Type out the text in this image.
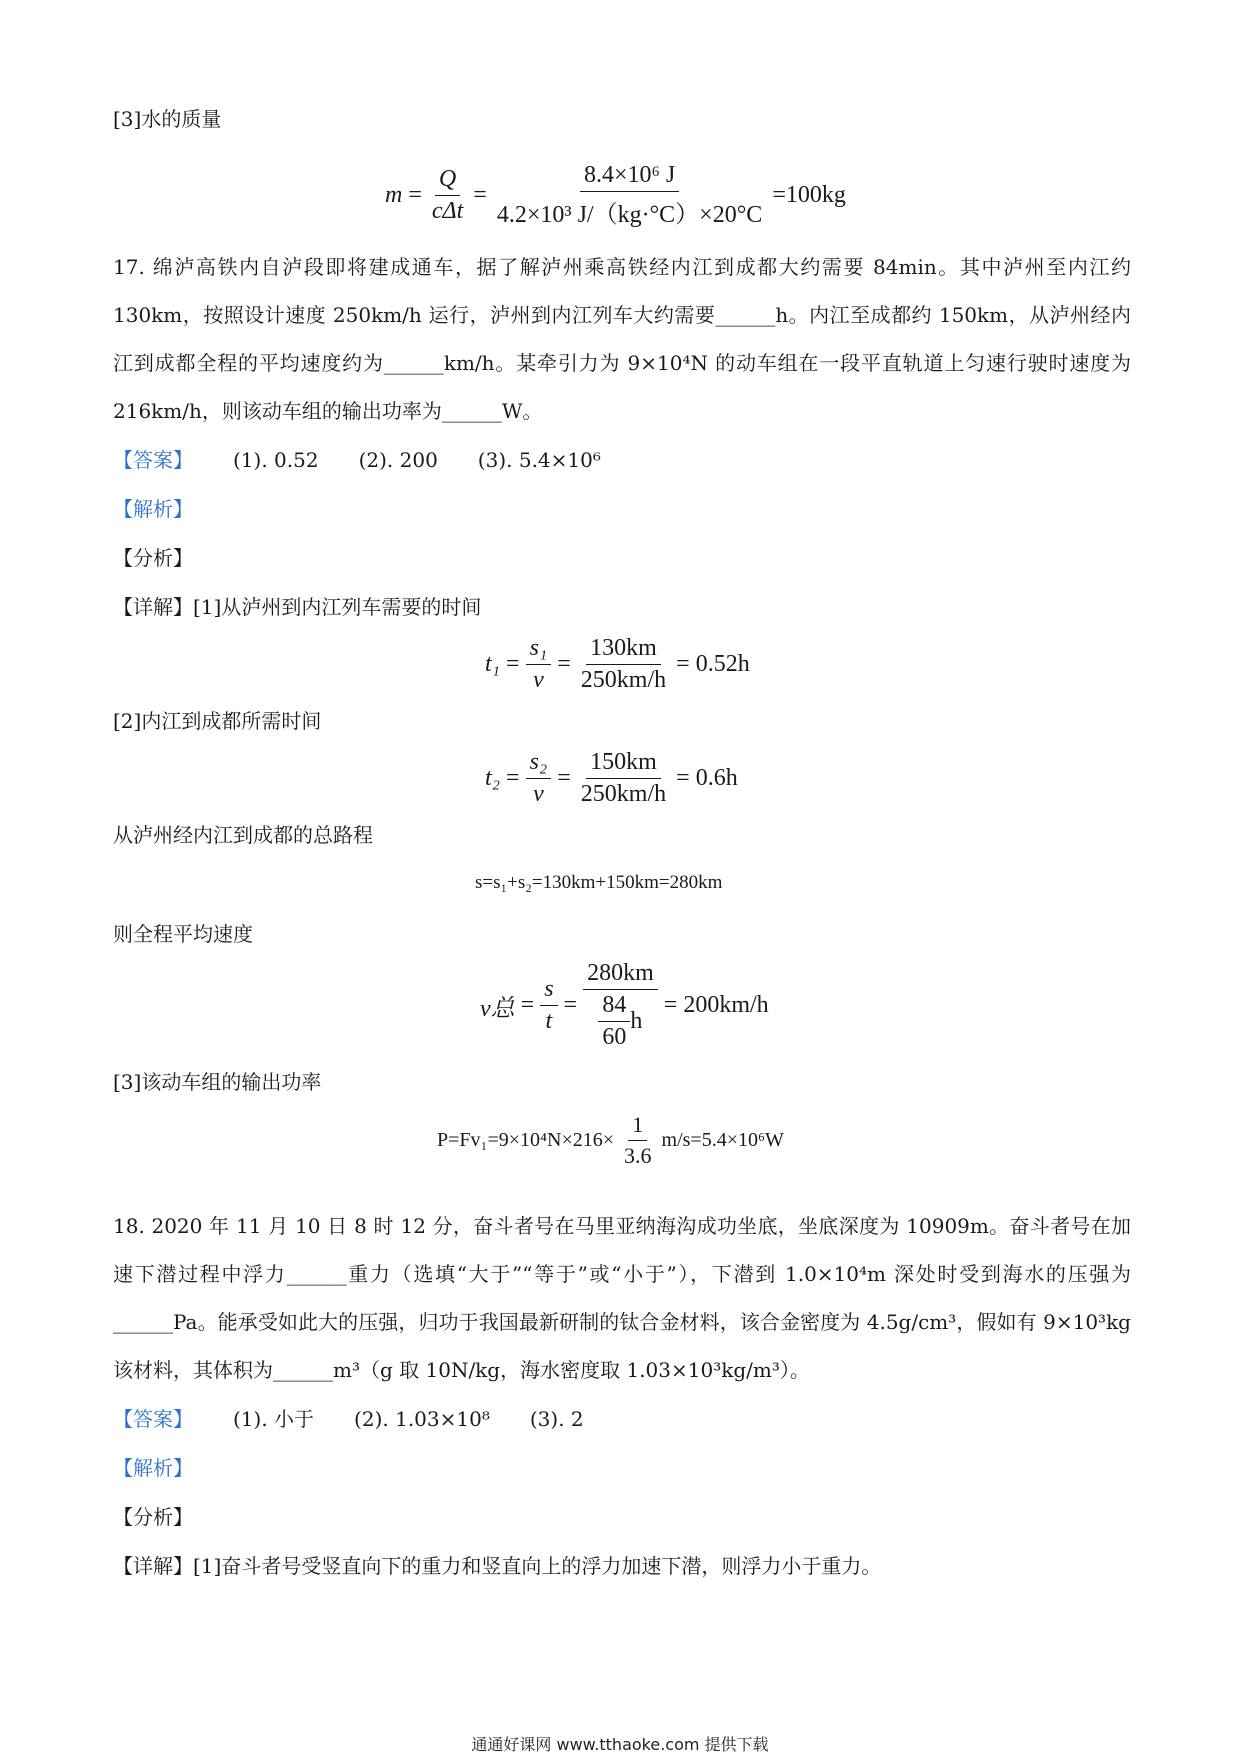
[3]水的质量
$m = \frac{Q}{\text{cΔt}} = \frac{\text{8.4×10⁶ J}}{\text{4.2×10³ J/（kg·°C）×20°C}} = 100kg$
17. 绵泸高铁内自泸段即将建成通车，据了解泸州乘高铁经内江到成都大约需要 84min。其中泸州至内江约 130km，按照设计速度 250km/h 运行，泸州到内江列车大约需要______h。内江至成都约 150km，从泸州经内江到成都全程的平均速度约为______km/h。某牵引力为 9×10⁴N 的动车组在一段平直轨道上匀速行驶时速度为 216km/h，则该动车组的输出功率为______W。
【答案】 (1). 0.52 (2). 200 (3). 5.4×10⁶
【解析】
【分析】
【详解】[1]从泸州到内江列车需要的时间
$t_1 = \frac{\text{s₁}}{v} = \frac{130km}{250km/h} = 0.52h$
[2]内江到成都所需时间
$t_2 = \frac{\text{s₂}}{v} = \frac{150km}{250km/h} = 0.6h$
从泸州经内江到成都的总路程
s=s₁+s₂=130km+150km=280km
则全程平均速度
v总 = $\frac{s}{t} = \frac{280km}{\frac{84}{60} h} = 200km/h$
[3]该动车组的输出功率
$P=Fv_1=9\times 10^4N\times 216\times \frac{1}{3.6} m/s=5.4\times 10^6W$
18. 2020 年 11 月 10 日 8 时 12 分，奋斗者号在马里亚纳海沟成功坐底，坐底深度为 10909m。奋斗者号在加速下潜过程中浮力______重力（选填“大于”“等于”或“小于”），下潜到 1.0×10⁴m 深处时受到海水的压强为______Pa。能承受如此大的压强，归功于我国最新研制的钛合金材料，该合金密度为 4.5g/cm³，假如有 9×10³kg 该材料，其体积为______m³（g 取 10N/kg，海水密度取 1.03×10³kg/m³）。
【答案】 (1). 小于 (2). 1.03×10⁸ (3). 2
【解析】
【分析】
【详解】[1]奋斗者号受竖直向下的重力和竖直向上的浮力加速下潜，则浮力小于重力。
通通好课网 www.tthaoke.com 提供下载
